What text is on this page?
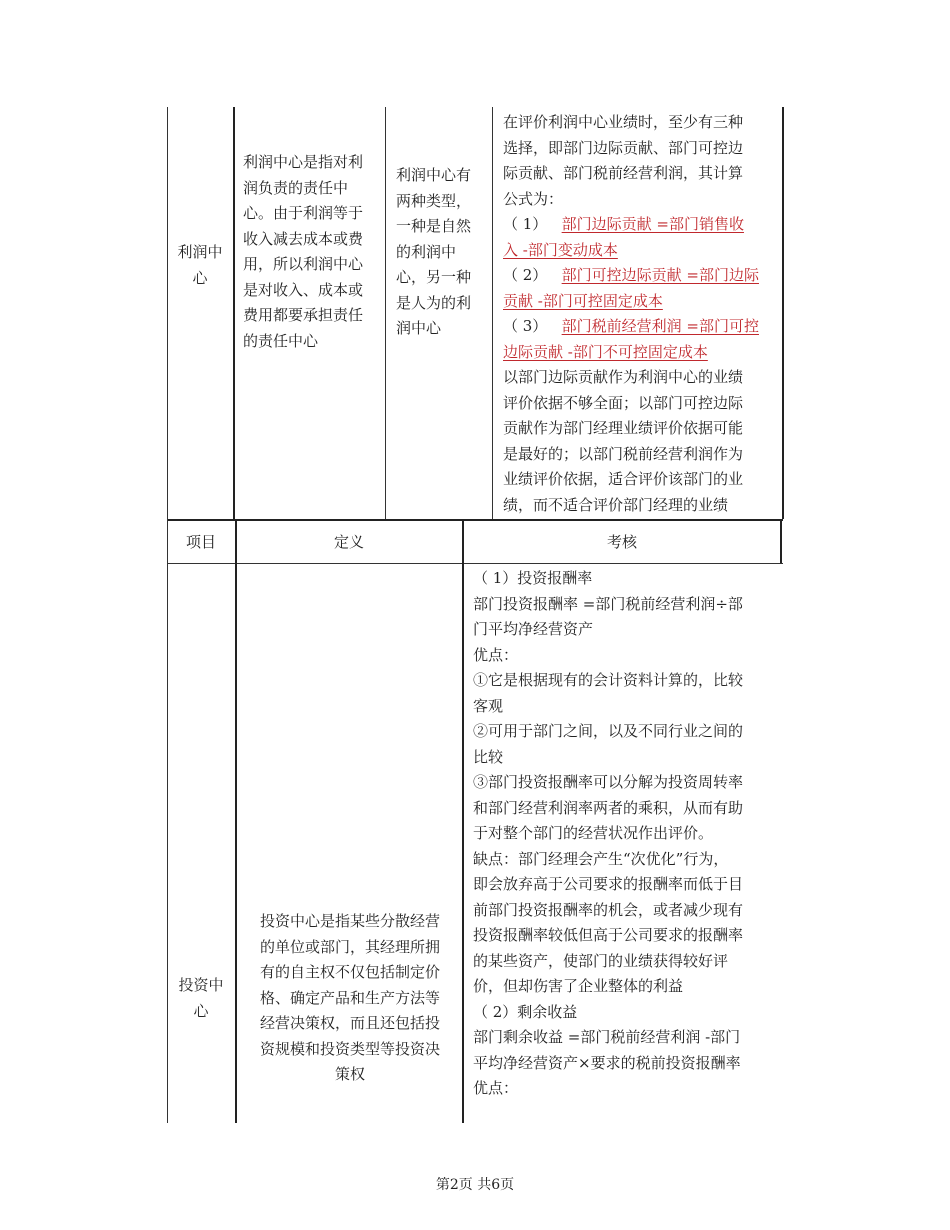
利润中
心
利润中心是指对利
润负责的责任中
心。由于利润等于
收入减去成本或费
用，所以利润中心
是对收入、成本或
费用都要承担责任
的责任中心
利润中心有
两种类型，
一种是自然
的利润中
心，另一种
是人为的利
润中心
在评价利润中心业绩时，至少有三种
选择，即部门边际贡献、部门可控边
际贡献、部门税前经营利润，其计算
公式为：
（ 1） 部门边际贡献 =部门销售收
入 -部门变动成本
（ 2） 部门可控边际贡献 =部门边际
贡献 -部门可控固定成本
（ 3） 部门税前经营利润 =部门可控
边际贡献 -部门不可控固定成本
以部门边际贡献作为利润中心的业绩
评价依据不够全面；以部门可控边际
贡献作为部门经理业绩评价依据可能
是最好的；以部门税前经营利润作为
业绩评价依据，适合评价该部门的业
绩，而不适合评价部门经理的业绩
项目	定义	考核
投资中
心
投资中心是指某些分散经营
的单位或部门，其经理所拥
有的自主权不仅包括制定价
格、确定产品和生产方法等
经营决策权，而且还包括投
资规模和投资类型等投资决
策权
（ 1）投资报酬率
部门投资报酬率 =部门税前经营利润÷部
门平均净经营资产
优点：
①它是根据现有的会计资料计算的，比较
客观
②可用于部门之间，以及不同行业之间的
比较
③部门投资报酬率可以分解为投资周转率
和部门经营利润率两者的乘积，从而有助
于对整个部门的经营状况作出评价。
缺点：部门经理会产生“次优化”行为，
即会放弃高于公司要求的报酬率而低于目
前部门投资报酬率的机会，或者减少现有
投资报酬率较低但高于公司要求的报酬率
的某些资产，使部门的业绩获得较好评
价，但却伤害了企业整体的利益
（ 2）剩余收益
部门剩余收益 =部门税前经营利润 -部门
平均净经营资产×要求的税前投资报酬率
优点：
第2页 共6页
